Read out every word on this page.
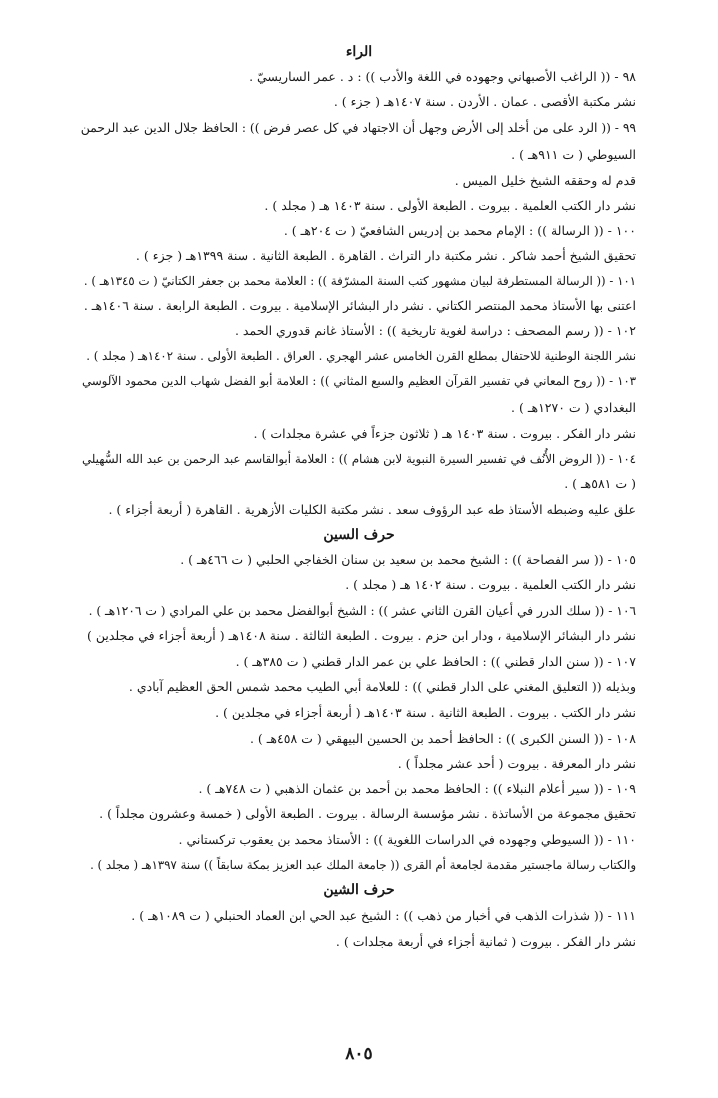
الراء
٩٨ - (( الراغب الأصبهاني وجهوده في اللغة والأدب )) : د . عمر الساريسيّ .
نشر مكتبة الأقصى . عمان . الأردن . سنة ١٤٠٧هـ ( جزء ) .
٩٩ - (( الرد على من أخلد إلى الأرض وجهل أن الاجتهاد في كل عصر فرض )) : الحافظ جلال الدين عبد الرحمن
السيوطي ( ت ٩١١هـ ) .
قدم له وحققه الشيخ خليل الميس .
نشر دار الكتب العلمية . بيروت . الطبعة الأولى . سنة ١٤٠٣ هـ ( مجلد ) .
١٠٠ - (( الرسالة )) : الإمام محمد بن إدريس الشافعيّ ( ت ٢٠٤هـ ) .
تحقيق الشيخ أحمد شاكر . نشر مكتبة دار التراث . القاهرة . الطبعة الثانية . سنة ١٣٩٩هـ ( جزء ) .
١٠١ - (( الرسالة المستطرفة لبيان مشهور كتب السنة المشرّفة )) : العلامة محمد بن جعفر الكتانيّ ( ت ١٣٤٥هـ ) .
اعتنى بها الأستاذ محمد المنتصر الكتاني . نشر دار البشائر الإسلامية . بيروت . الطبعة الرابعة . سنة ١٤٠٦هـ .
١٠٢ - (( رسم المصحف : دراسة لغوية تاريخية )) : الأستاذ غانم قدوري الحمد .
نشر اللجنة الوطنية للاحتفال بمطلع القرن الخامس عشر الهجري . العراق . الطبعة الأولى . سنة ١٤٠٢هـ ( مجلد ) .
١٠٣ - (( روح المعاني في تفسير القرآن العظيم والسبع المثاني )) : العلامة أبو الفضل شهاب الدين محمود الآلوسي
البغدادي ( ت ١٢٧٠هـ ) .
نشر دار الفكر . بيروت . سنة ١٤٠٣ هـ ( ثلاثون جزءاً في عشرة مجلدات ) .
١٠٤ - (( الروض الأُنُف في تفسير السيرة النبوية لابن هشام )) : العلامة أبوالقاسم عبد الرحمن بن عبد الله السُّهيلي
( ت ٥٨١هـ ) .
علق عليه وضبطه الأستاذ طه عبد الرؤوف سعد . نشر مكتبة الكليات الأزهرية . القاهرة ( أربعة أجزاء ) .
حرف السين
١٠٥ - (( سر الفصاحة )) : الشيخ محمد بن سعيد بن سنان الخفاجي الحلبي ( ت ٤٦٦هـ ) .
نشر دار الكتب العلمية . بيروت . سنة ١٤٠٢ هـ ( مجلد ) .
١٠٦ - (( سلك الدرر في أعيان القرن الثاني عشر )) : الشيخ أبوالفضل محمد بن علي المرادي ( ت ١٢٠٦هـ ) .
نشر دار البشائر الإسلامية ، ودار ابن حزم . بيروت . الطبعة الثالثة . سنة ١٤٠٨هـ ( أربعة أجزاء في مجلدين )
١٠٧ - (( سنن الدار قطني )) : الحافظ علي بن عمر الدار قطني ( ت ٣٨٥هـ ) .
وبذيله (( التعليق المغني على الدار قطني )) : للعلامة أبي الطيب محمد شمس الحق العظيم آبادي .
نشر دار الكتب . بيروت . الطبعة الثانية . سنة ١٤٠٣هـ ( أربعة أجزاء في مجلدين ) .
١٠٨ - (( السنن الكبرى )) : الحافظ أحمد بن الحسين البيهقي ( ت ٤٥٨هـ ) .
نشر دار المعرفة . بيروت ( أحد عشر مجلداً ) .
١٠٩ - (( سير أعلام النبلاء )) : الحافظ محمد بن أحمد بن عثمان الذهبي ( ت ٧٤٨هـ ) .
تحقيق مجموعة من الأساتذة . نشر مؤسسة الرسالة . بيروت . الطبعة الأولى ( خمسة وعشرون مجلداً ) .
١١٠ - (( السيوطي وجهوده في الدراسات اللغوية )) : الأستاذ محمد بن يعقوب تركستاني .
والكتاب رسالة ماجستير مقدمة لجامعة أم القرى (( جامعة الملك عبد العزيز بمكة سابقاً )) سنة ١٣٩٧هـ ( مجلد ) .
حرف الشين
١١١ - (( شذرات الذهب في أخبار من ذهب )) : الشيخ عبد الحي ابن العماد الحنبلي ( ت ١٠٨٩هـ ) .
نشر دار الفكر . بيروت ( ثمانية أجزاء في أربعة مجلدات ) .
٨٠٥
